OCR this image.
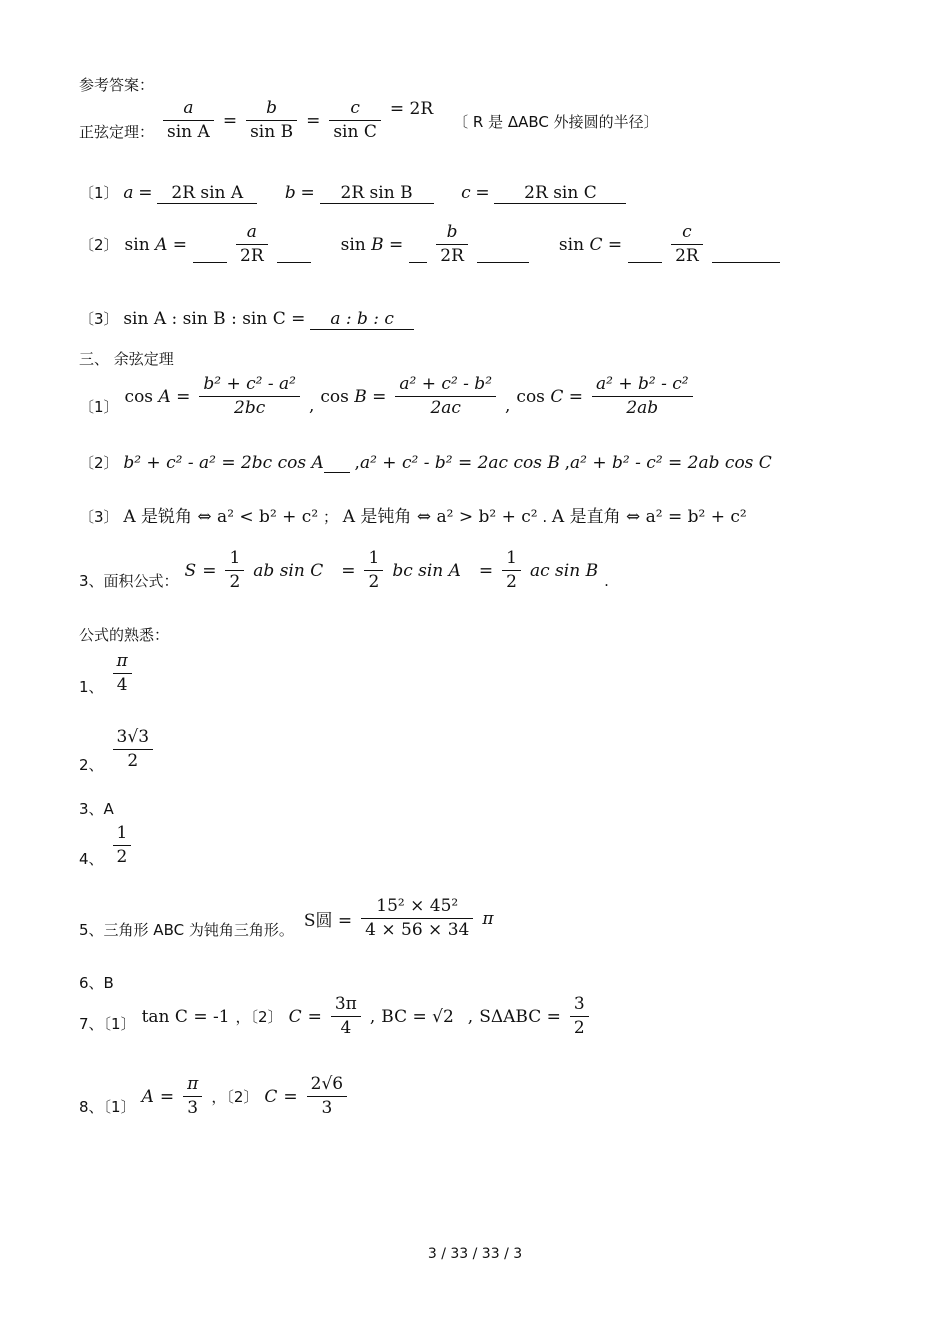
参考答案：
正弦定理： $\frac{a}{\text{sin A}} = \frac{b}{\text{sin B}} = \frac{c}{\text{sin C}} = 2R$
〔 R 是 ΔABC 外接圆的半径〕
〔1〕 a = 2R sin A b = 2R sin B	c = 2R sin C
〔2〕 sin A =	$\frac{a}{2R}$	$\sin B = \frac{b}{2R}$	sin C =	$\frac{c}{2R}$
〔3〕 sin A : sin B : sin C = a : b : c
三、 余弦定理
〔1〕
$\cos A = \frac{\text{b² + c² - a²}}{2bc}$ , $\cos B = \frac{\text{a² + c² - b²}}{2ac}$ , $\cos C = \frac{\text{a² + b² - c²}}{2ab}$
〔2〕 b² + c² - a² = 2bc cos A ,a² + c² - b² = 2ac cos B ,a² + b² - c² = 2ab cos C
〔3〕 A 是锐角 ⇔ a² < b² + c² ； A 是钝角 ⇔ a² > b² + c² . A 是直角 ⇔ a² = b² + c²
3、面积公式：
$S = \frac{1}{2}$ ab $\sin C = \frac{1}{2}$ bc $\sin A = \frac{1}{2}$ ac sin B .
公式的熟悉：
1、 $\frac{\pi}{4}$
2、 $\frac{3√3}{2}$
3、A
4、 $\frac{1}{2}$
5、三角形 ABC 为钝角三角形。 S圆 = $\frac{\text{15² × 45²}}{4 \times 56 \times 34}$ π
6、B
7、〔1〕 tan C = -1 ，〔2〕 $C = \frac{3\pi}{4}$ , BC = √2 , $S\Delta ABC = \frac{3}{2}$
8、〔1〕
$A = \frac{\pi}{3}$ ，〔2〕 $C = \frac{2√6}{3}$
3 / 33 / 33 / 3
